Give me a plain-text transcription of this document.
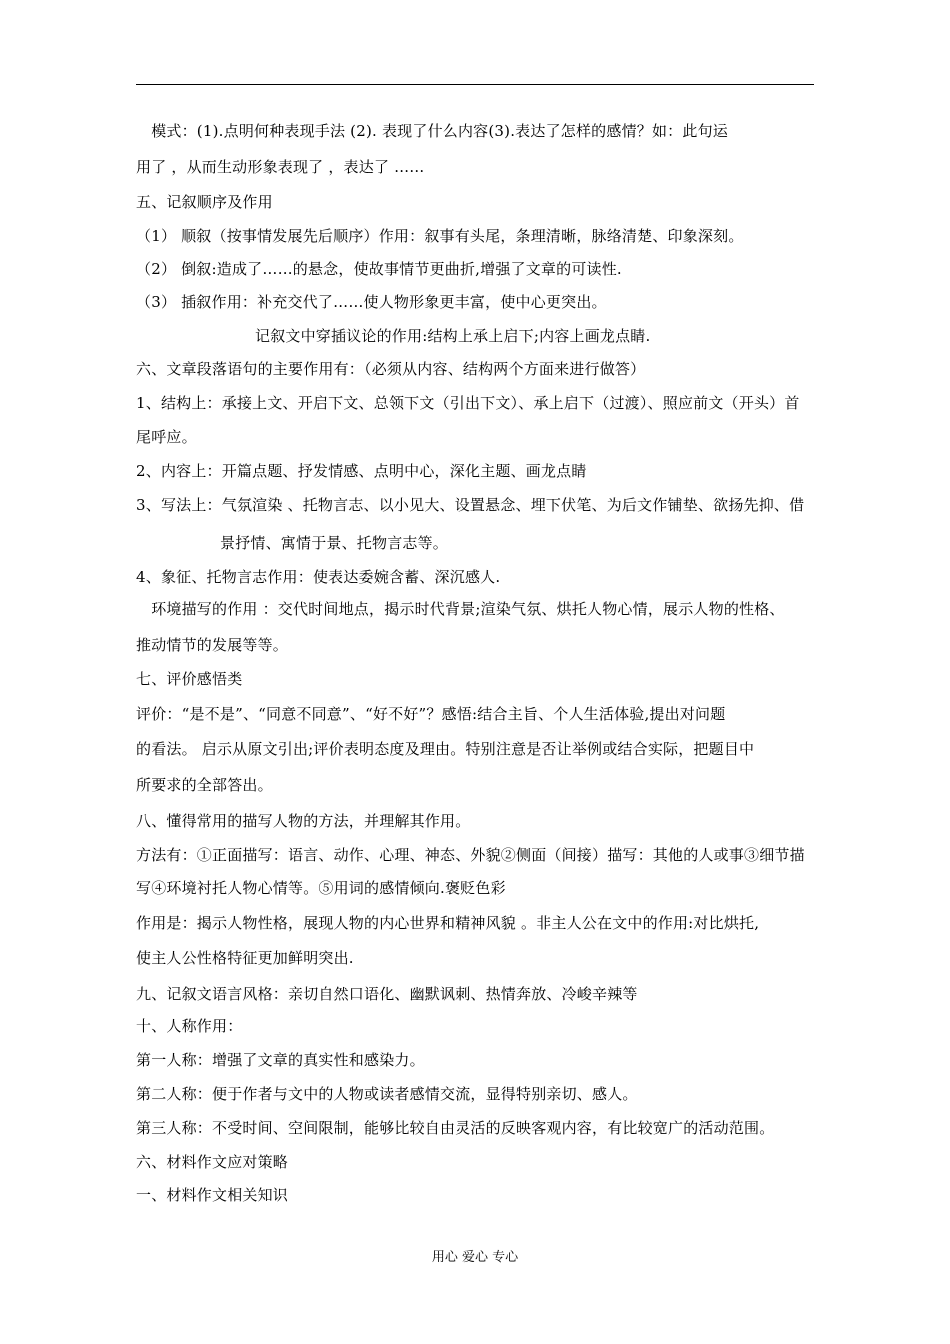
　模式：(1).点明何种表现手法 (2). 表现了什么内容(3).表达了怎样的感情？如：此句运
用了 ，从而生动形象表现了 ，表达了 ……
五、记叙顺序及作用
（1） 顺叙（按事情发展先后顺序）作用：叙事有头尾，条理清晰，脉络清楚、印象深刻。
（2） 倒叙:造成了……的悬念，使故事情节更曲折,增强了文章的可读性.
（3） 插叙作用：补充交代了……使人物形象更丰富，使中心更突出。
记叙文中穿插议论的作用:结构上承上启下;内容上画龙点睛.
六、文章段落语句的主要作用有：（必须从内容、结构两个方面来进行做答）
1、结构上：承接上文、开启下文、总领下文（引出下文）、承上启下（过渡）、照应前文（开头）首
尾呼应。
2、内容上：开篇点题、抒发情感、点明中心，深化主题、画龙点睛
3、写法上：气氛渲染 、托物言志、以小见大、设置悬念、埋下伏笔、为后文作铺垫、欲扬先抑、借
景抒情、寓情于景、托物言志等。
4、象征、托物言志作用：使表达委婉含蓄、深沉感人.
　环境描写的作用 ：交代时间地点，揭示时代背景;渲染气氛、烘托人物心情，展示人物的性格、
推动情节的发展等等。
七、评价感悟类
评价：“是不是”、“同意不同意”、“好不好”？感悟:结合主旨、个人生活体验,提出对问题
的看法。 启示从原文引出;评价表明态度及理由。特别注意是否让举例或结合实际，把题目中
所要求的全部答出。
八、懂得常用的描写人物的方法，并理解其作用。
方法有：①正面描写：语言、动作、心理、神态、外貌②侧面（间接）描写：其他的人或事③细节描
写④环境衬托人物心情等。⑤用词的感情倾向.褒贬色彩
作用是：揭示人物性格，展现人物的内心世界和精神风貌 。非主人公在文中的作用:对比烘托,
使主人公性格特征更加鲜明突出.
九、记叙文语言风格：亲切自然口语化、幽默讽刺、热情奔放、冷峻辛辣等
十、人称作用：
第一人称：增强了文章的真实性和感染力。
第二人称：便于作者与文中的人物或读者感情交流，显得特别亲切、感人。
第三人称：不受时间、空间限制，能够比较自由灵活的反映客观内容，有比较宽广的活动范围。
六、材料作文应对策略
一、材料作文相关知识
用心 爱心 专心
